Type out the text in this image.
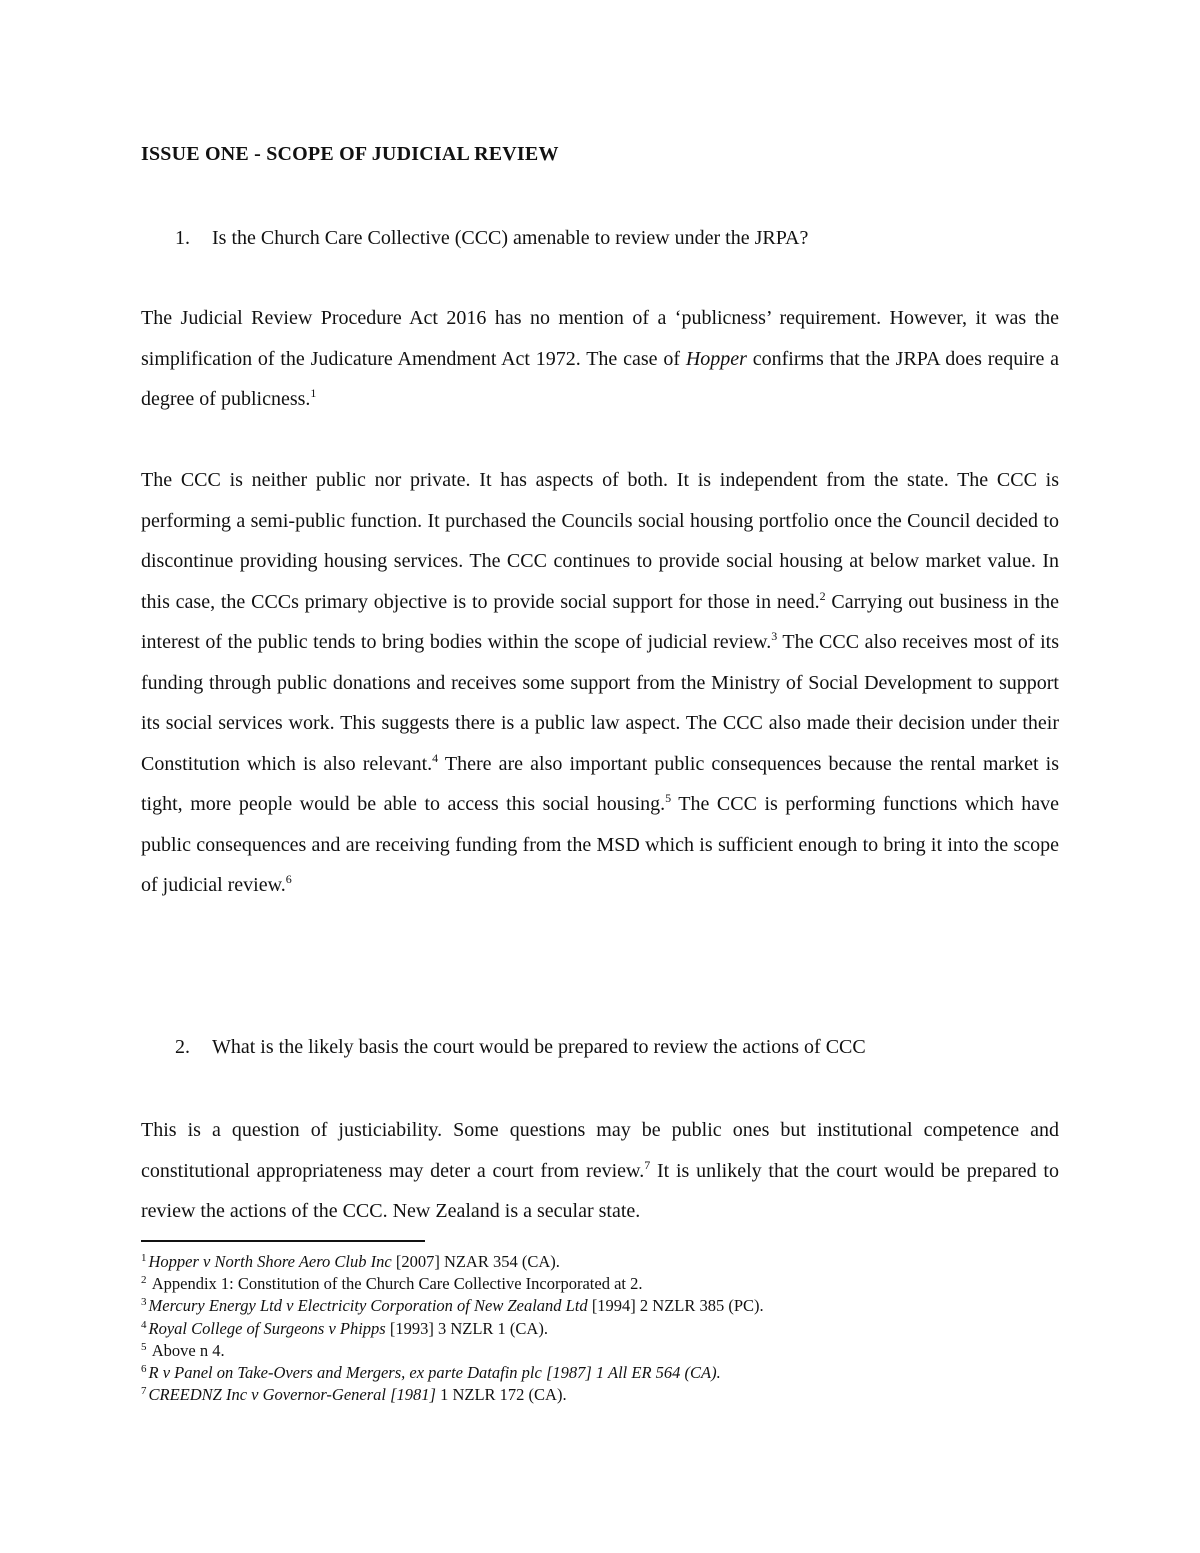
ISSUE ONE - SCOPE OF JUDICIAL REVIEW
1. Is the Church Care Collective (CCC) amenable to review under the JRPA?

The Judicial Review Procedure Act 2016 has no mention of a ‘publicness’ requirement. However, it was the simplification of the Judicature Amendment Act 1972. The case of Hopper confirms that the JRPA does require a degree of publicness.$^1$

The CCC is neither public nor private. It has aspects of both. It is independent from the state. The CCC is performing a semi-public function. It purchased the Councils social housing portfolio once the Council decided to discontinue providing housing services. The CCC continues to provide social housing at below market value. In this case, the CCCs primary objective is to provide social support for those in need.$^2$ Carrying out business in the interest of the public tends to bring bodies within the scope of judicial review.$^3$ The CCC also receives most of its funding through public donations and receives some support from the Ministry of Social Development to support its social services work. This suggests there is a public law aspect. The CCC also made their decision under their Constitution which is also relevant.$^4$ There are also important public consequences because the rental market is tight, more people would be able to access this social housing.$^5$ The CCC is performing functions which have public consequences and are receiving funding from the MSD which is sufficient enough to bring it into the scope of judicial review.$^6$

2. What is the likely basis the court would be prepared to review the actions of CCC

This is a question of justiciability. Some questions may be public ones but institutional competence and constitutional appropriateness may deter a court from review.$^7$ It is unlikely that the court would be prepared to review the actions of the CCC. New Zealand is a secular state.

$^1$ Hopper v North Shore Aero Club Inc [2007] NZAR 354 (CA).
$^2$ Appendix 1: Constitution of the Church Care Collective Incorporated at 2.
$^3$ Mercury Energy Ltd v Electricity Corporation of New Zealand Ltd [1994] 2 NZLR 385 (PC).
$^4$ Royal College of Surgeons v Phipps [1993] 3 NZLR 1 (CA).
$^5$ Above n 4.
$^6$ R v Panel on Take-Overs and Mergers, ex parte Datafin plc [1987] 1 All ER 564 (CA).
$^7$ CREEDNZ Inc v Governor-General [1981] 1 NZLR 172 (CA).
